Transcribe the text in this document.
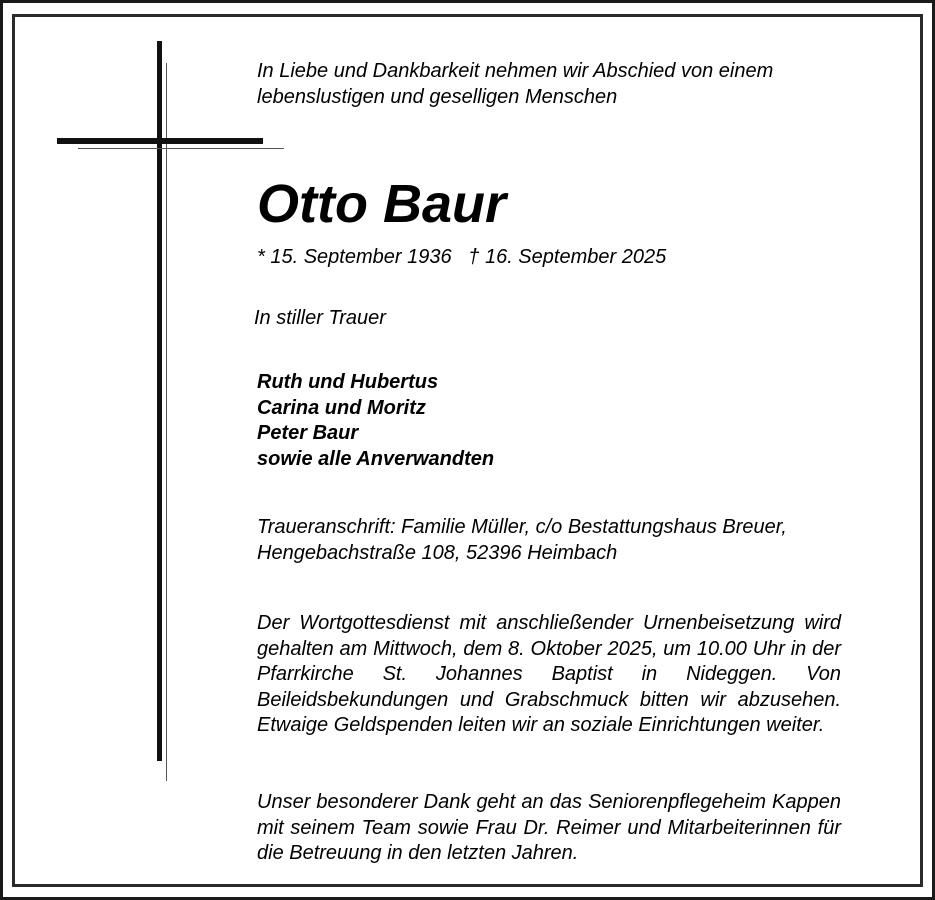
In Liebe und Dankbarkeit nehmen wir Abschied von einem lebenslustigen und geselligen Menschen

Otto Baur

* 15. September 1936 † 16. September 2025

In stiller Trauer

Ruth und Hubertus
Carina und Moritz
Peter Baur
sowie alle Anverwandten

Traueranschrift: Familie Müller, c/o Bestattungshaus Breuer, Hengebachstraße 108, 52396 Heimbach

Der Wortgottesdienst mit anschließender Urnenbeisetzung wird gehalten am Mittwoch, dem 8. Oktober 2025, um 10.00 Uhr in der Pfarrkirche St. Johannes Baptist in Nideggen. Von Beileidsbekundungen und Grabschmuck bitten wir abzusehen. Etwaige Geldspenden leiten wir an soziale Einrichtungen weiter.

Unser besonderer Dank geht an das Seniorenpflegeheim Kappen mit seinem Team sowie Frau Dr. Reimer und Mitarbeiterinnen für die Betreuung in den letzten Jahren.
